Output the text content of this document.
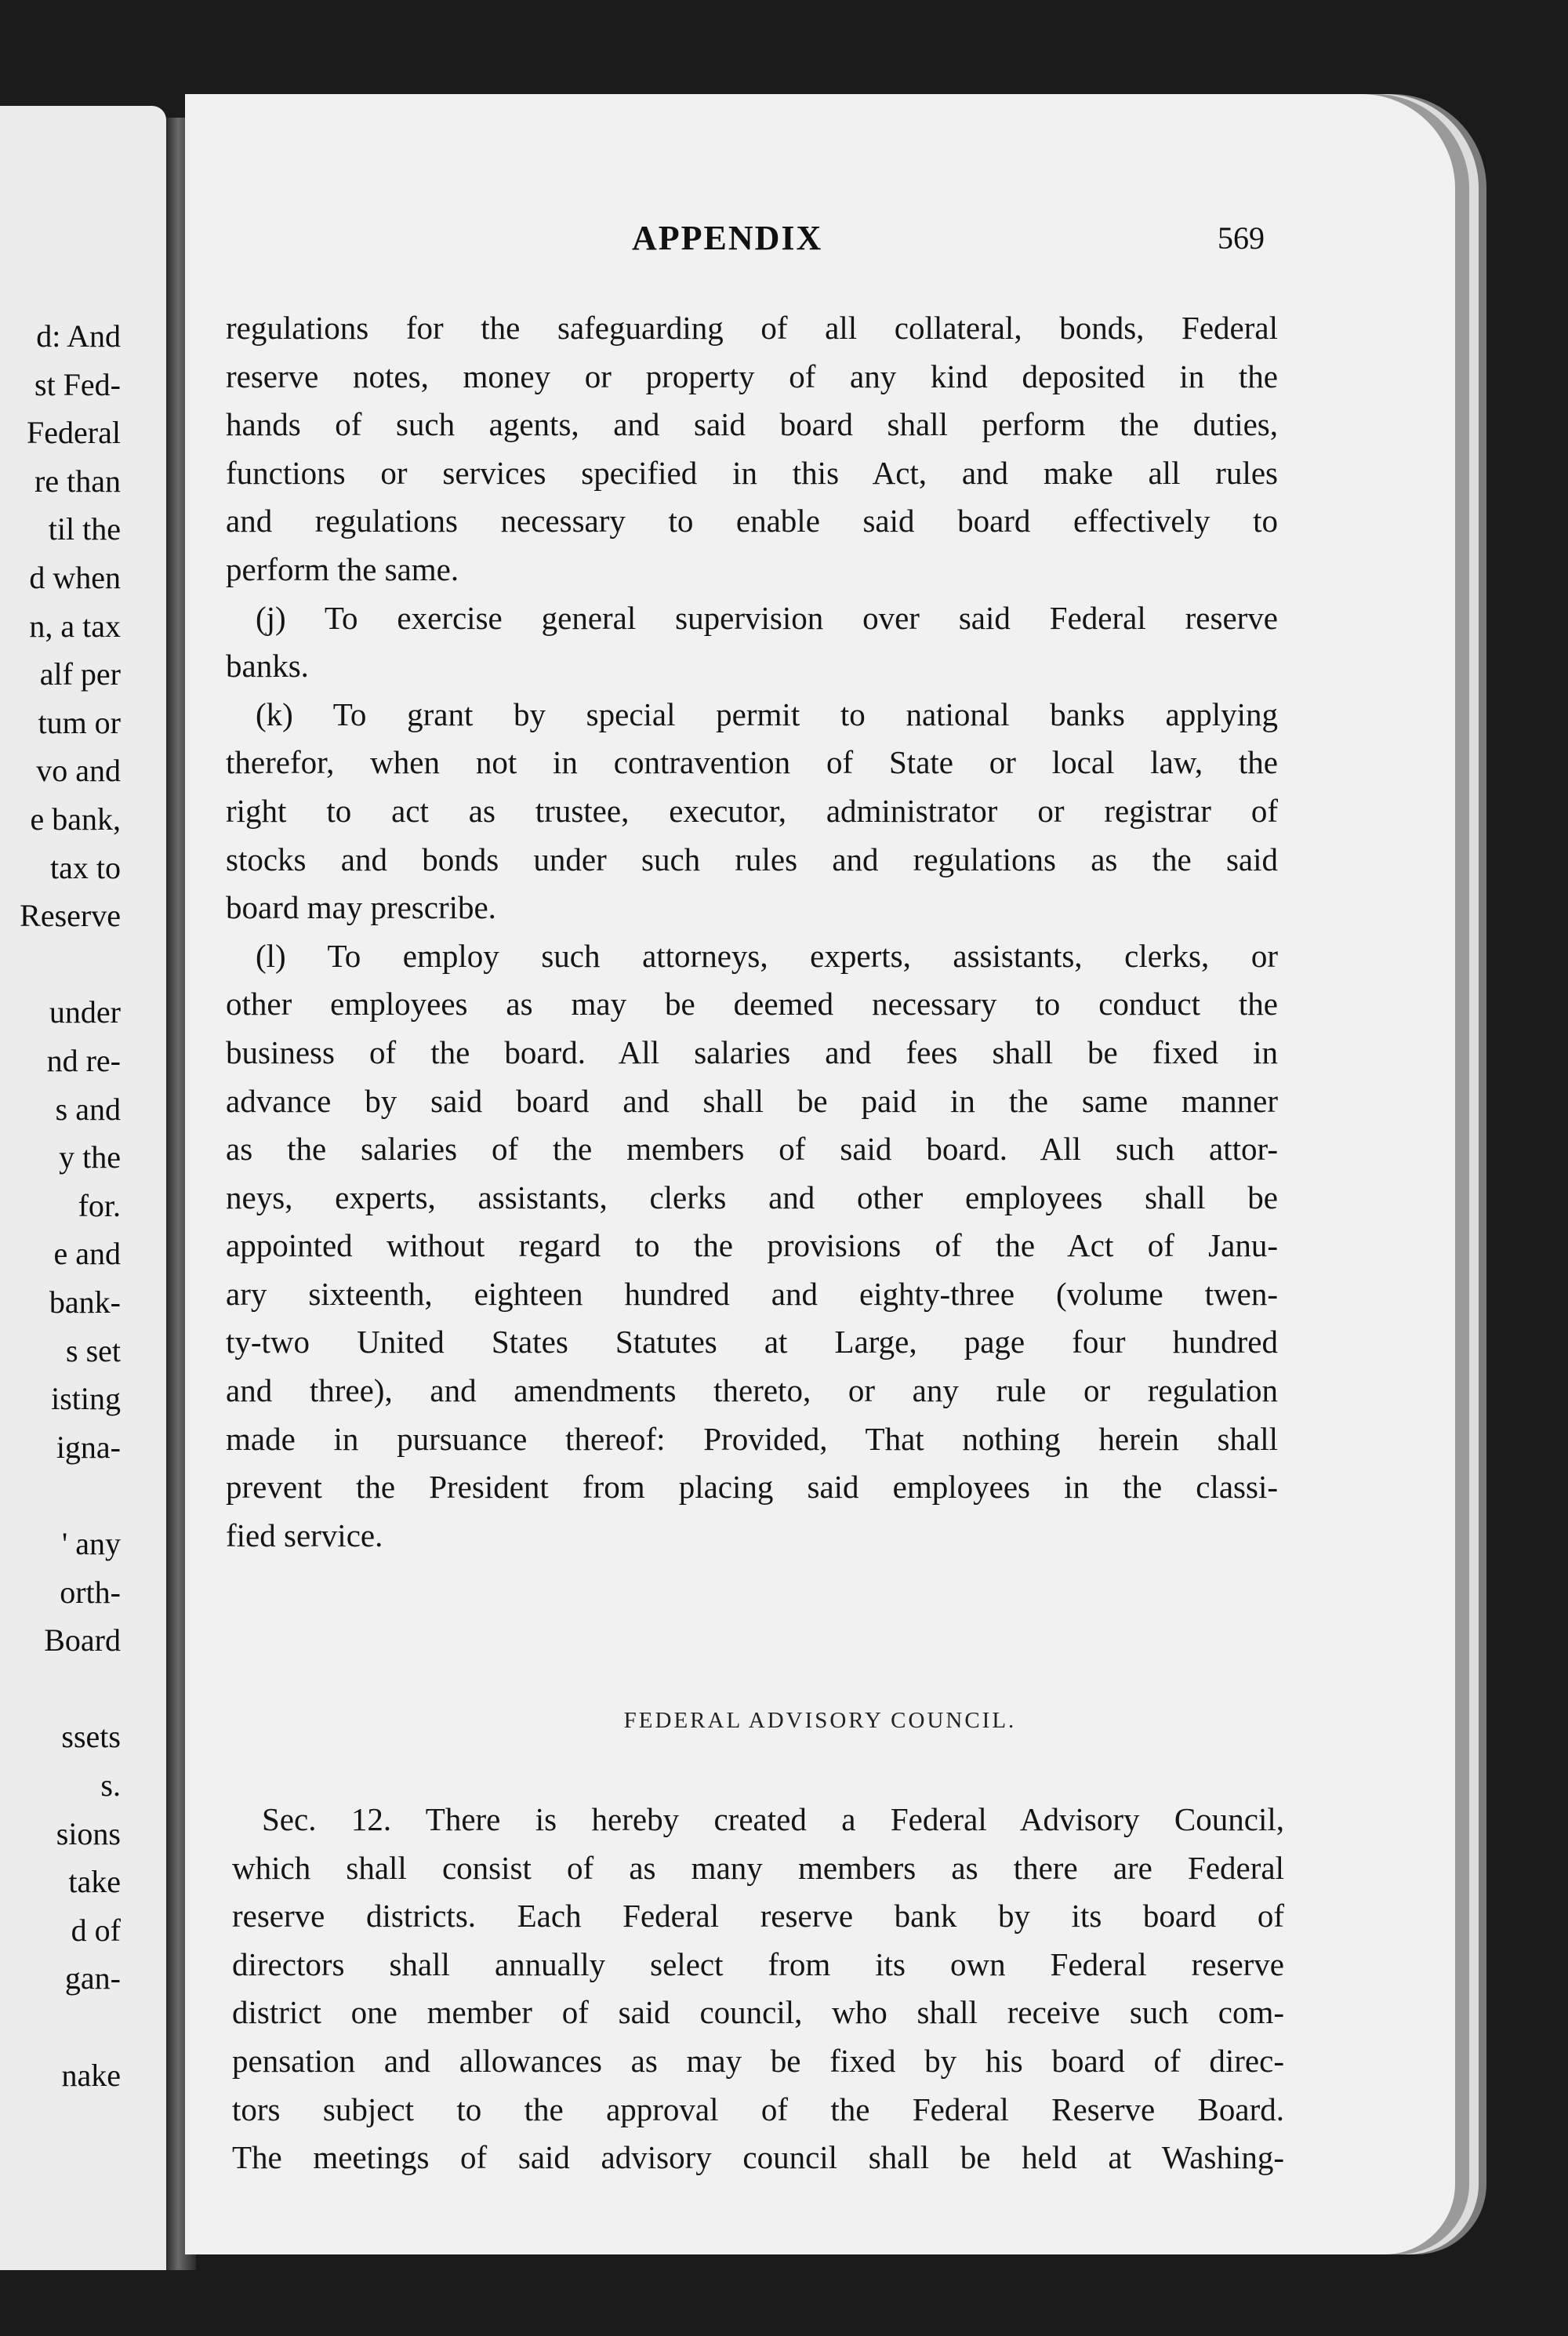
d: And
st Fed-
Federal
re than
til the
d when
n, a tax
alf per
tum or
vo and
e bank,
tax to
Reserve
under
nd re-
s and
y the
for.
e and
bank-
s set
isting
igna-
' any
orth-
Board
ssets
s.
sions
take
d of
gan-
nake
APPENDIX	569
regulations for the safeguarding of all collateral, bonds, Federal
reserve notes, money or property of any kind deposited in the
hands of such agents, and said board shall perform the duties,
functions or services specified in this Act, and make all rules
and regulations necessary to enable said board effectively to
perform the same.
(j) To exercise general supervision over said Federal reserve
banks.
(k) To grant by special permit to national banks applying
therefor, when not in contravention of State or local law, the
right to act as trustee, executor, administrator or registrar of
stocks and bonds under such rules and regulations as the said
board may prescribe.
(l) To employ such attorneys, experts, assistants, clerks, or
other employees as may be deemed necessary to conduct the
business of the board. All salaries and fees shall be fixed in
advance by said board and shall be paid in the same manner
as the salaries of the members of said board. All such attor-
neys, experts, assistants, clerks and other employees shall be
appointed without regard to the provisions of the Act of Janu-
ary sixteenth, eighteen hundred and eighty-three (volume twen-
ty-two United States Statutes at Large, page four hundred
and three), and amendments thereto, or any rule or regulation
made in pursuance thereof: Provided, That nothing herein shall
prevent the President from placing said employees in the classi-
fied service.
FEDERAL ADVISORY COUNCIL.
Sec. 12. There is hereby created a Federal Advisory Council,
which shall consist of as many members as there are Federal
reserve districts. Each Federal reserve bank by its board of
directors shall annually select from its own Federal reserve
district one member of said council, who shall receive such com-
pensation and allowances as may be fixed by his board of direc-
tors subject to the approval of the Federal Reserve Board.
The meetings of said advisory council shall be held at Washing-
